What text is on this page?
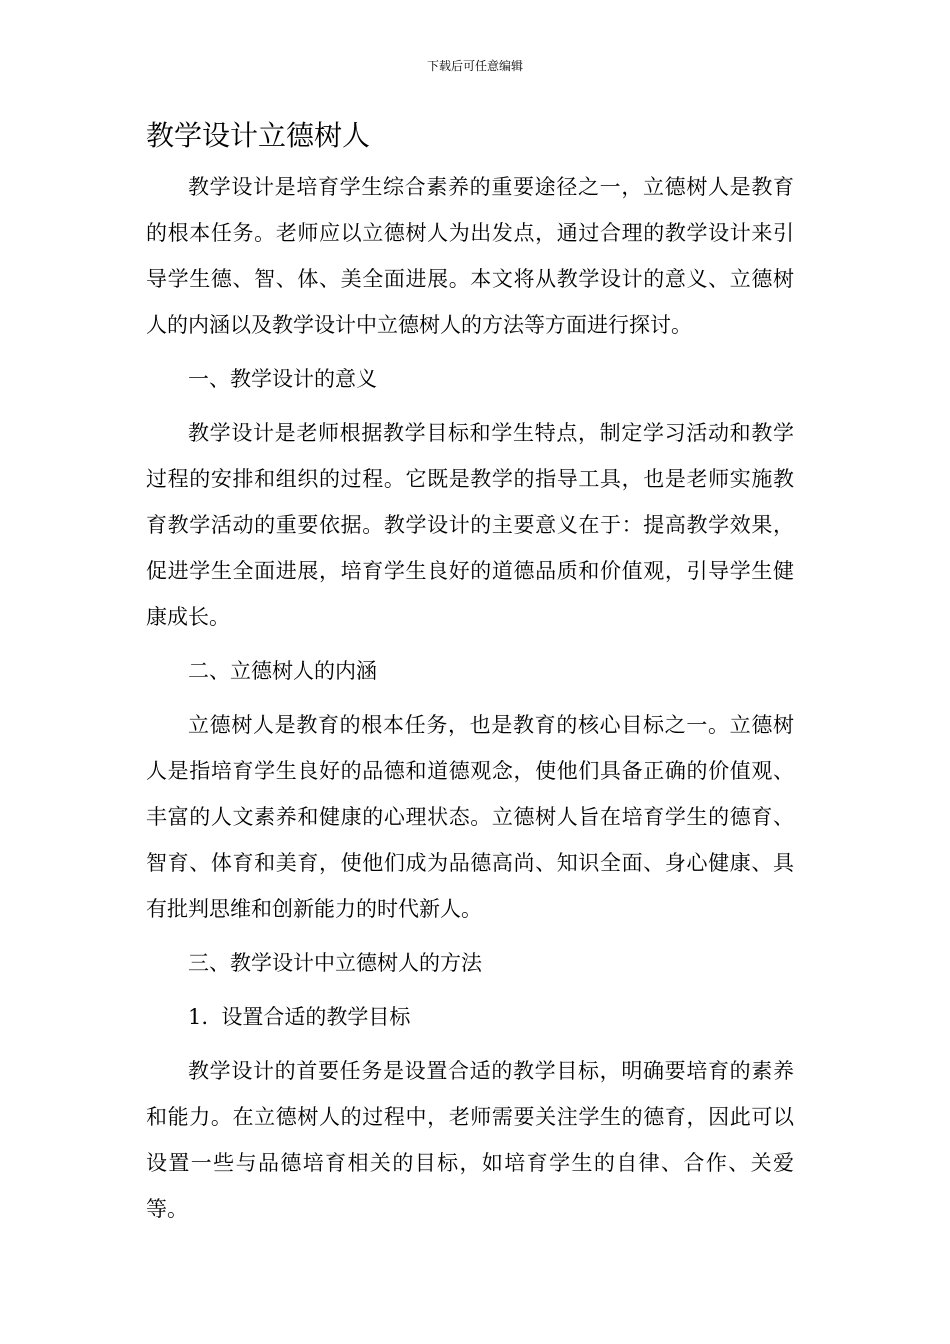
下载后可任意编辑
教学设计立德树人

教学设计是培育学生综合素养的重要途径之一，立德树人是教育的根本任务。老师应以立德树人为出发点，通过合理的教学设计来引导学生德、智、体、美全面进展。本文将从教学设计的意义、立德树人的内涵以及教学设计中立德树人的方法等方面进行探讨。

一、教学设计的意义

教学设计是老师根据教学目标和学生特点，制定学习活动和教学过程的安排和组织的过程。它既是教学的指导工具，也是老师实施教育教学活动的重要依据。教学设计的主要意义在于：提高教学效果，促进学生全面进展，培育学生良好的道德品质和价值观，引导学生健康成长。

二、立德树人的内涵

立德树人是教育的根本任务，也是教育的核心目标之一。立德树人是指培育学生良好的品德和道德观念，使他们具备正确的价值观、丰富的人文素养和健康的心理状态。立德树人旨在培育学生的德育、智育、体育和美育，使他们成为品德高尚、知识全面、身心健康、具有批判思维和创新能力的时代新人。

三、教学设计中立德树人的方法

1.  设置合适的教学目标

教学设计的首要任务是设置合适的教学目标，明确要培育的素养和能力。在立德树人的过程中，老师需要关注学生的德育，因此可以设置一些与品德培育相关的目标，如培育学生的自律、合作、关爱等。
